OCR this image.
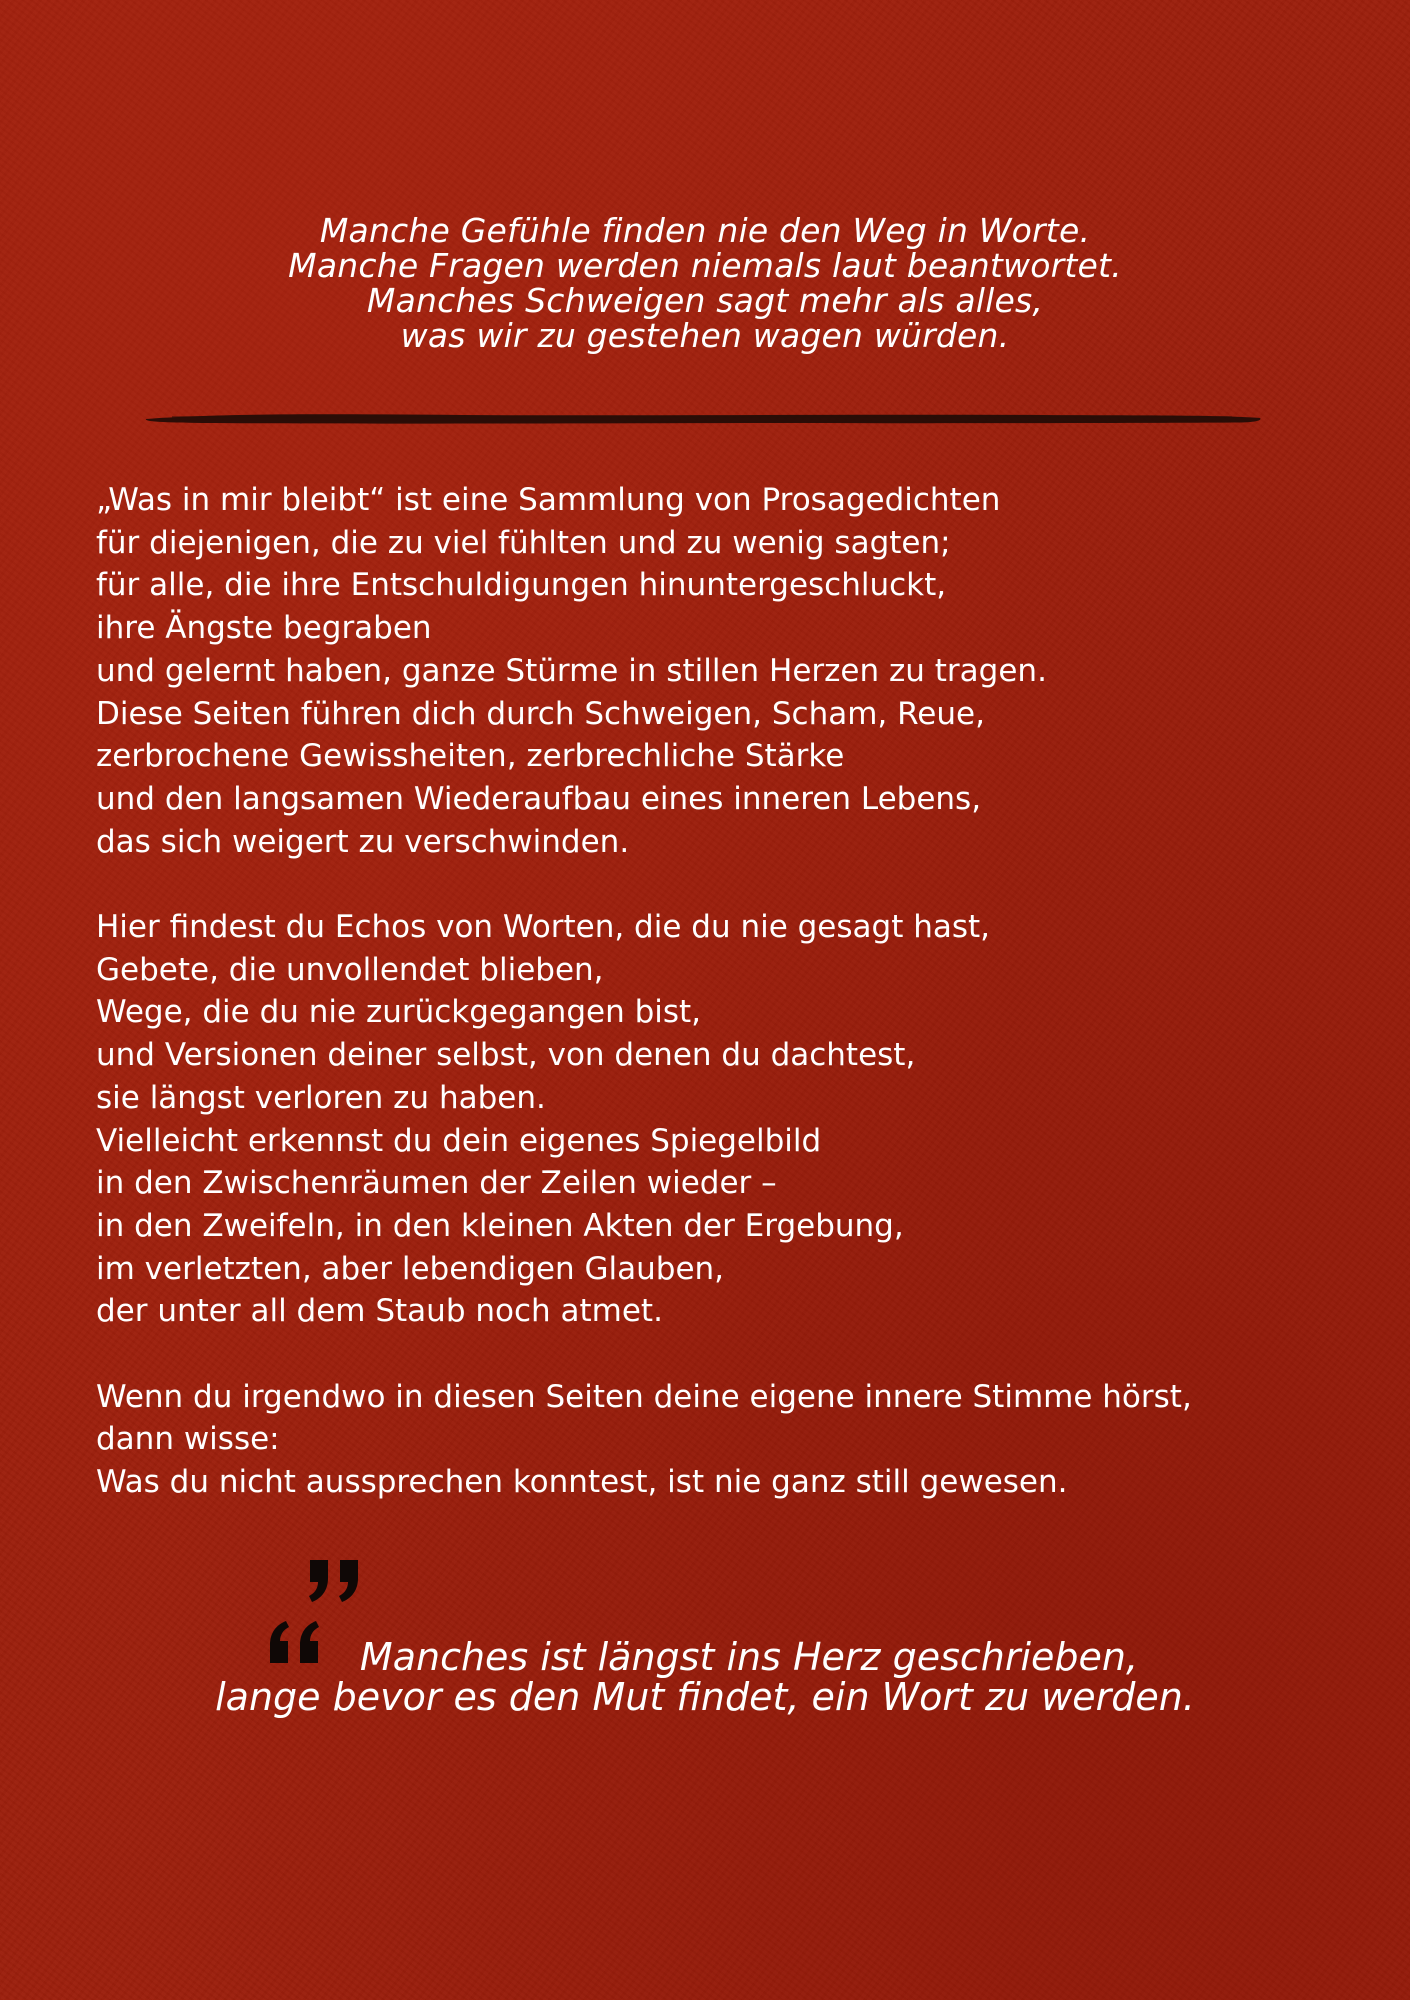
Manche Gefühle finden nie den Weg in Worte.
Manche Fragen werden niemals laut beantwortet.
Manches Schweigen sagt mehr als alles,
was wir zu gestehen wagen würden.
„Was in mir bleibt“ ist eine Sammlung von Prosagedichten
für diejenigen, die zu viel fühlten und zu wenig sagten;
für alle, die ihre Entschuldigungen hinuntergeschluckt,
ihre Ängste begraben
und gelernt haben, ganze Stürme in stillen Herzen zu tragen.
Diese Seiten führen dich durch Schweigen, Scham, Reue,
zerbrochene Gewissheiten, zerbrechliche Stärke
und den langsamen Wiederaufbau eines inneren Lebens,
das sich weigert zu verschwinden.
Hier findest du Echos von Worten, die du nie gesagt hast,
Gebete, die unvollendet blieben,
Wege, die du nie zurückgegangen bist,
und Versionen deiner selbst, von denen du dachtest,
sie längst verloren zu haben.
Vielleicht erkennst du dein eigenes Spiegelbild
in den Zwischenräumen der Zeilen wieder –
in den Zweifeln, in den kleinen Akten der Ergebung,
im verletzten, aber lebendigen Glauben,
der unter all dem Staub noch atmet.
Wenn du irgendwo in diesen Seiten deine eigene innere Stimme hörst,
dann wisse:
Was du nicht aussprechen konntest, ist nie ganz still gewesen.
Manches ist längst ins Herz geschrieben,
lange bevor es den Mut findet, ein Wort zu werden.
